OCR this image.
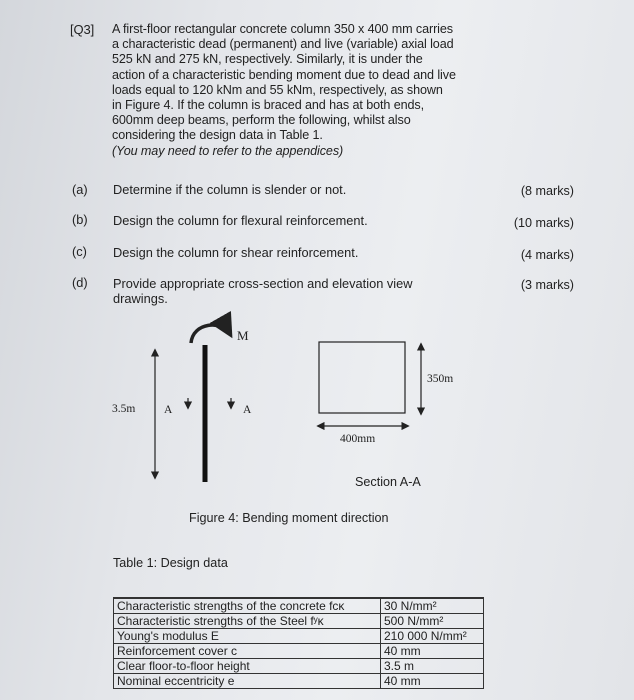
[Q3] A first-floor rectangular concrete column 350 x 400 mm carries
a characteristic dead (permanent) and live (variable) axial load
525 kN and 275 kN, respectively. Similarly, it is under the
action of a characteristic bending moment due to dead and live
loads equal to 120 kNm and 55 kNm, respectively, as shown
in Figure 4. If the column is braced and has at both ends,
600mm deep beams, perform the following, whilst also
considering the design data in Table 1.
(You may need to refer to the appendices)
(a)	Determine if the column is slender or not.	(8 marks)
(b)	Design the column for flexural reinforcement.	(10 marks)
(c)	Design the column for shear reinforcement.	(4 marks)
(d)	Provide appropriate cross-section and elevation view
drawings.
(3 marks)
M
3.5m A	A
350m
400mm
Section A-A
Figure 4: Bending moment direction
Table 1: Design data
Characteristic strengths of the concrete fᴄᴋ	30 N/mm²
Characteristic strengths of the Steel fʸᴋ	500 N/mm²
Young's modulus E	210 000 N/mm²
Reinforcement cover c	40 mm
Clear floor-to-floor height	3.5 m
Nominal eccentricity e	40 mm
